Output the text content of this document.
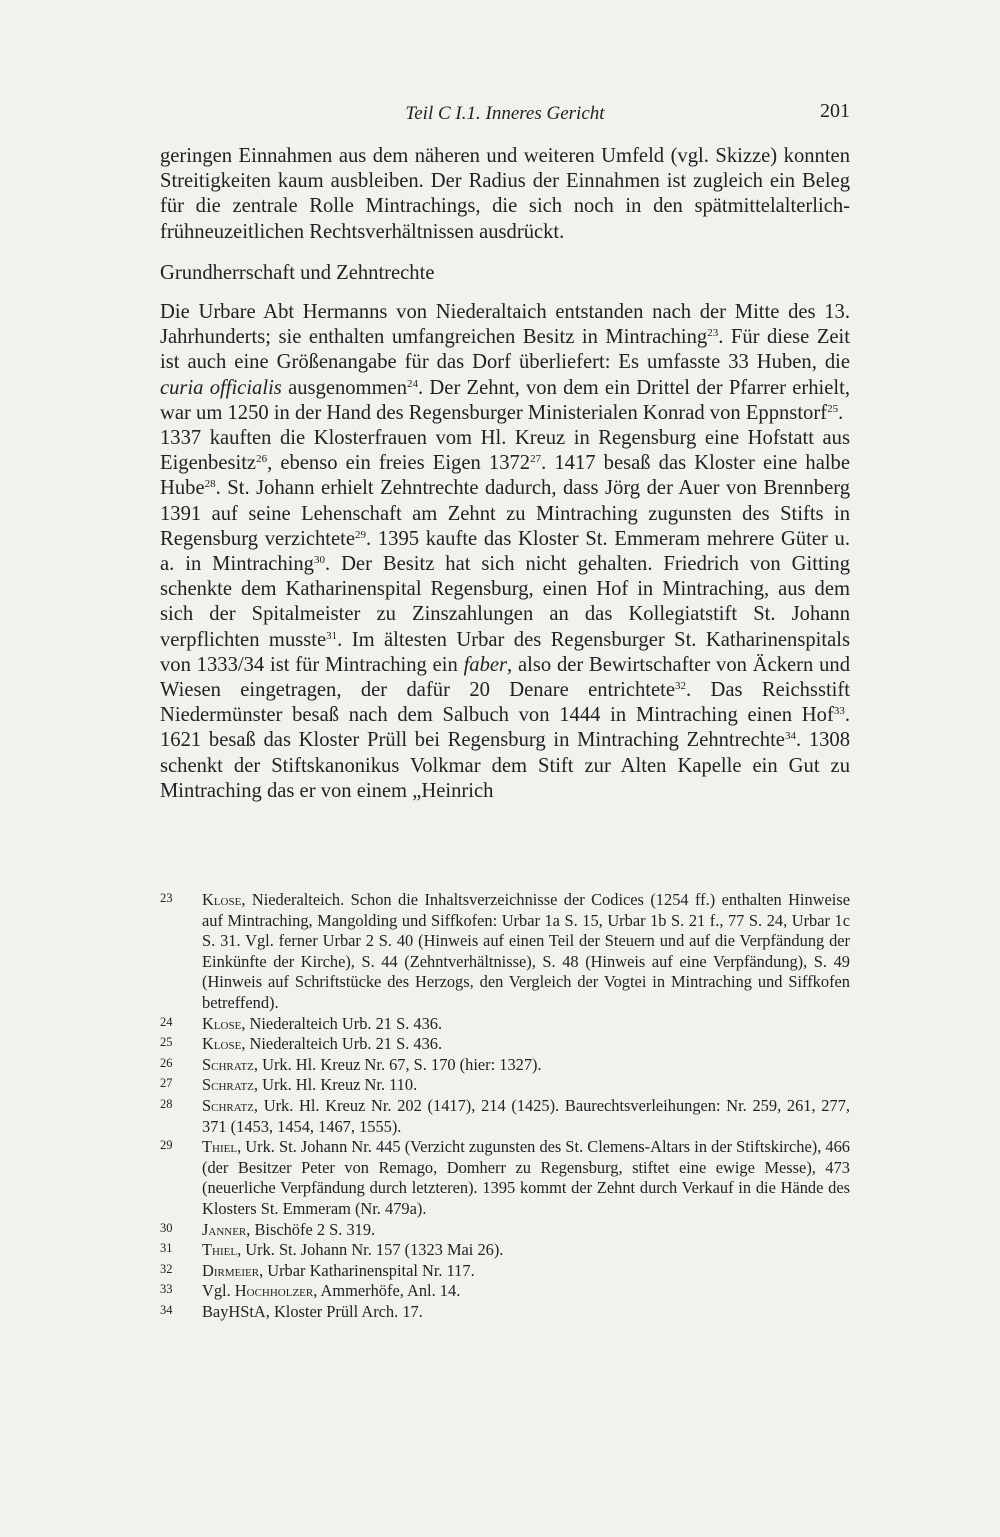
Teil C I.1. Inneres Gericht	201

geringen Einnahmen aus dem näheren und weiteren Umfeld (vgl. Skizze) konnten Streitigkeiten kaum ausbleiben. Der Radius der Einnahmen ist zugleich ein Beleg für die zentrale Rolle Mintrachings, die sich noch in den spätmittelalterlich-frühneuzeitlichen Rechtsverhältnissen ausdrückt.

Grundherrschaft und Zehntrechte

Die Urbare Abt Hermanns von Niederaltaich entstanden nach der Mitte des 13. Jahrhunderts; sie enthalten umfangreichen Besitz in Mintraching$^{23}$. Für diese Zeit ist auch eine Größenangabe für das Dorf überliefert: Es umfasste 33 Huben, die curia officialis ausgenommen$^{24}$. Der Zehnt, von dem ein Drittel der Pfarrer erhielt, war um 1250 in der Hand des Regensburger Ministerialen Konrad von Eppnstorf$^{25}$.

1337 kauften die Klosterfrauen vom Hl. Kreuz in Regensburg eine Hofstatt aus Eigenbesitz$^{26}$, ebenso ein freies Eigen 1372$^{27}$. 1417 besaß das Kloster eine halbe Hube$^{28}$. St. Johann erhielt Zehntrechte dadurch, dass Jörg der Auer von Brennberg 1391 auf seine Lehenschaft am Zehnt zu Mintraching zugunsten des Stifts in Regensburg verzichtete$^{29}$. 1395 kaufte das Kloster St. Emmeram mehrere Güter u. a. in Mintraching$^{30}$. Der Besitz hat sich nicht gehalten. Friedrich von Gitting schenkte dem Katharinenspital Regensburg, einen Hof in Mintraching, aus dem sich der Spitalmeister zu Zinszahlungen an das Kollegiatstift St. Johann verpflichten musste$^{31}$. Im ältesten Urbar des Regensburger St. Katharinenspitals von 1333/34 ist für Mintraching ein faber, also der Bewirtschafter von Äckern und Wiesen eingetragen, der dafür 20 Denare entrichtete$^{32}$. Das Reichsstift Niedermünster besaß nach dem Salbuch von 1444 in Mintraching einen Hof$^{33}$. 1621 besaß das Kloster Prüll bei Regensburg in Mintraching Zehntrechte$^{34}$. 1308 schenkt der Stiftskanonikus Volkmar dem Stift zur Alten Kapelle ein Gut zu Mintraching das er von einem „Heinrich

23 Klose, Niederalteich. Schon die Inhaltsverzeichnisse der Codices (1254 ff.) enthalten Hinweise auf Mintraching, Mangolding und Siffkofen: Urbar 1a S. 15, Urbar 1b S. 21 f., 77 S. 24, Urbar 1c S. 31. Vgl. ferner Urbar 2 S. 40 (Hinweis auf einen Teil der Steuern und auf die Verpfändung der Einkünfte der Kirche), S. 44 (Zehntverhältnisse), S. 48 (Hinweis auf eine Verpfändung), S. 49 (Hinweis auf Schriftstücke des Herzogs, den Vergleich der Vogtei in Mintraching und Siffkofen betreffend).
24 Klose, Niederalteich Urb. 21 S. 436.
25 Klose, Niederalteich Urb. 21 S. 436.
26 Schratz, Urk. Hl. Kreuz Nr. 67, S. 170 (hier: 1327).
27 Schratz, Urk. Hl. Kreuz Nr. 110.
28 Schratz, Urk. Hl. Kreuz Nr. 202 (1417), 214 (1425). Baurechtsverleihungen: Nr. 259, 261, 277, 371 (1453, 1454, 1467, 1555).
29 Thiel, Urk. St. Johann Nr. 445 (Verzicht zugunsten des St. Clemens-Altars in der Stiftskirche), 466 (der Besitzer Peter von Remago, Domherr zu Regensburg, stiftet eine ewige Messe), 473 (neuerliche Verpfändung durch letzteren). 1395 kommt der Zehnt durch Verkauf in die Hände des Klosters St. Emmeram (Nr. 479a).
30 Janner, Bischöfe 2 S. 319.
31 Thiel, Urk. St. Johann Nr. 157 (1323 Mai 26).
32 Dirmeier, Urbar Katharinenspital Nr. 117.
33 Vgl. Hochholzer, Ammerhöfe, Anl. 14.
34 BayHStA, Kloster Prüll Arch. 17.
